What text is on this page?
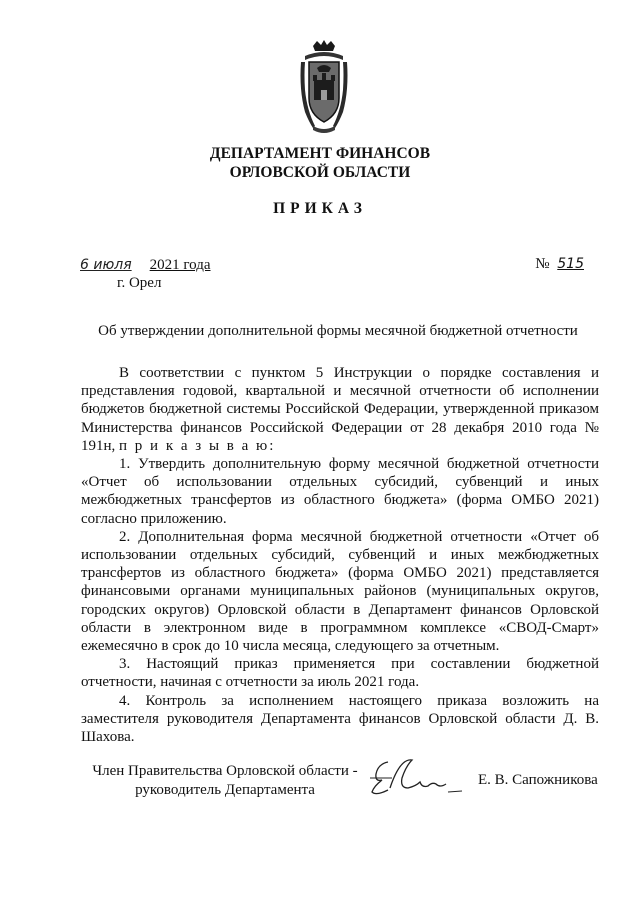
ДЕПАРТАМЕНТ ФИНАНСОВ
ОРЛОВСКОЙ ОБЛАСТИ
ПРИКАЗ
6 июля 2021 года
г. Орел
№ 515
Об утверждении дополнительной формы месячной бюджетной отчетности

В соответствии с пунктом 5 Инструкции о порядке составления и представления годовой, квартальной и месячной отчетности об исполнении бюджетов бюджетной системы Российской Федерации, утвержденной приказом Министерства финансов Российской Федерации от 28 декабря 2010 года № 191н, п р и к а з ы в а ю:

1. Утвердить дополнительную форму месячной бюджетной отчетности «Отчет об использовании отдельных субсидий, субвенций и иных межбюджетных трансфертов из областного бюджета» (форма ОМБО 2021) согласно приложению.

2. Дополнительная форма месячной бюджетной отчетности «Отчет об использовании отдельных субсидий, субвенций и иных межбюджетных трансфертов из областного бюджета» (форма ОМБО 2021) представляется финансовыми органами муниципальных районов (муниципальных округов, городских округов) Орловской области в Департамент финансов Орловской области в электронном виде в программном комплексе «СВОД-Смарт» ежемесячно в срок до 10 числа месяца, следующего за отчетным.

3. Настоящий приказ применяется при составлении бюджетной отчетности, начиная с отчетности за июль 2021 года.

4. Контроль за исполнением настоящего приказа возложить на заместителя руководителя Департамента финансов Орловской области Д. В. Шахова.

Член Правительства Орловской области -
руководитель Департамента
Е. В. Сапожникова
